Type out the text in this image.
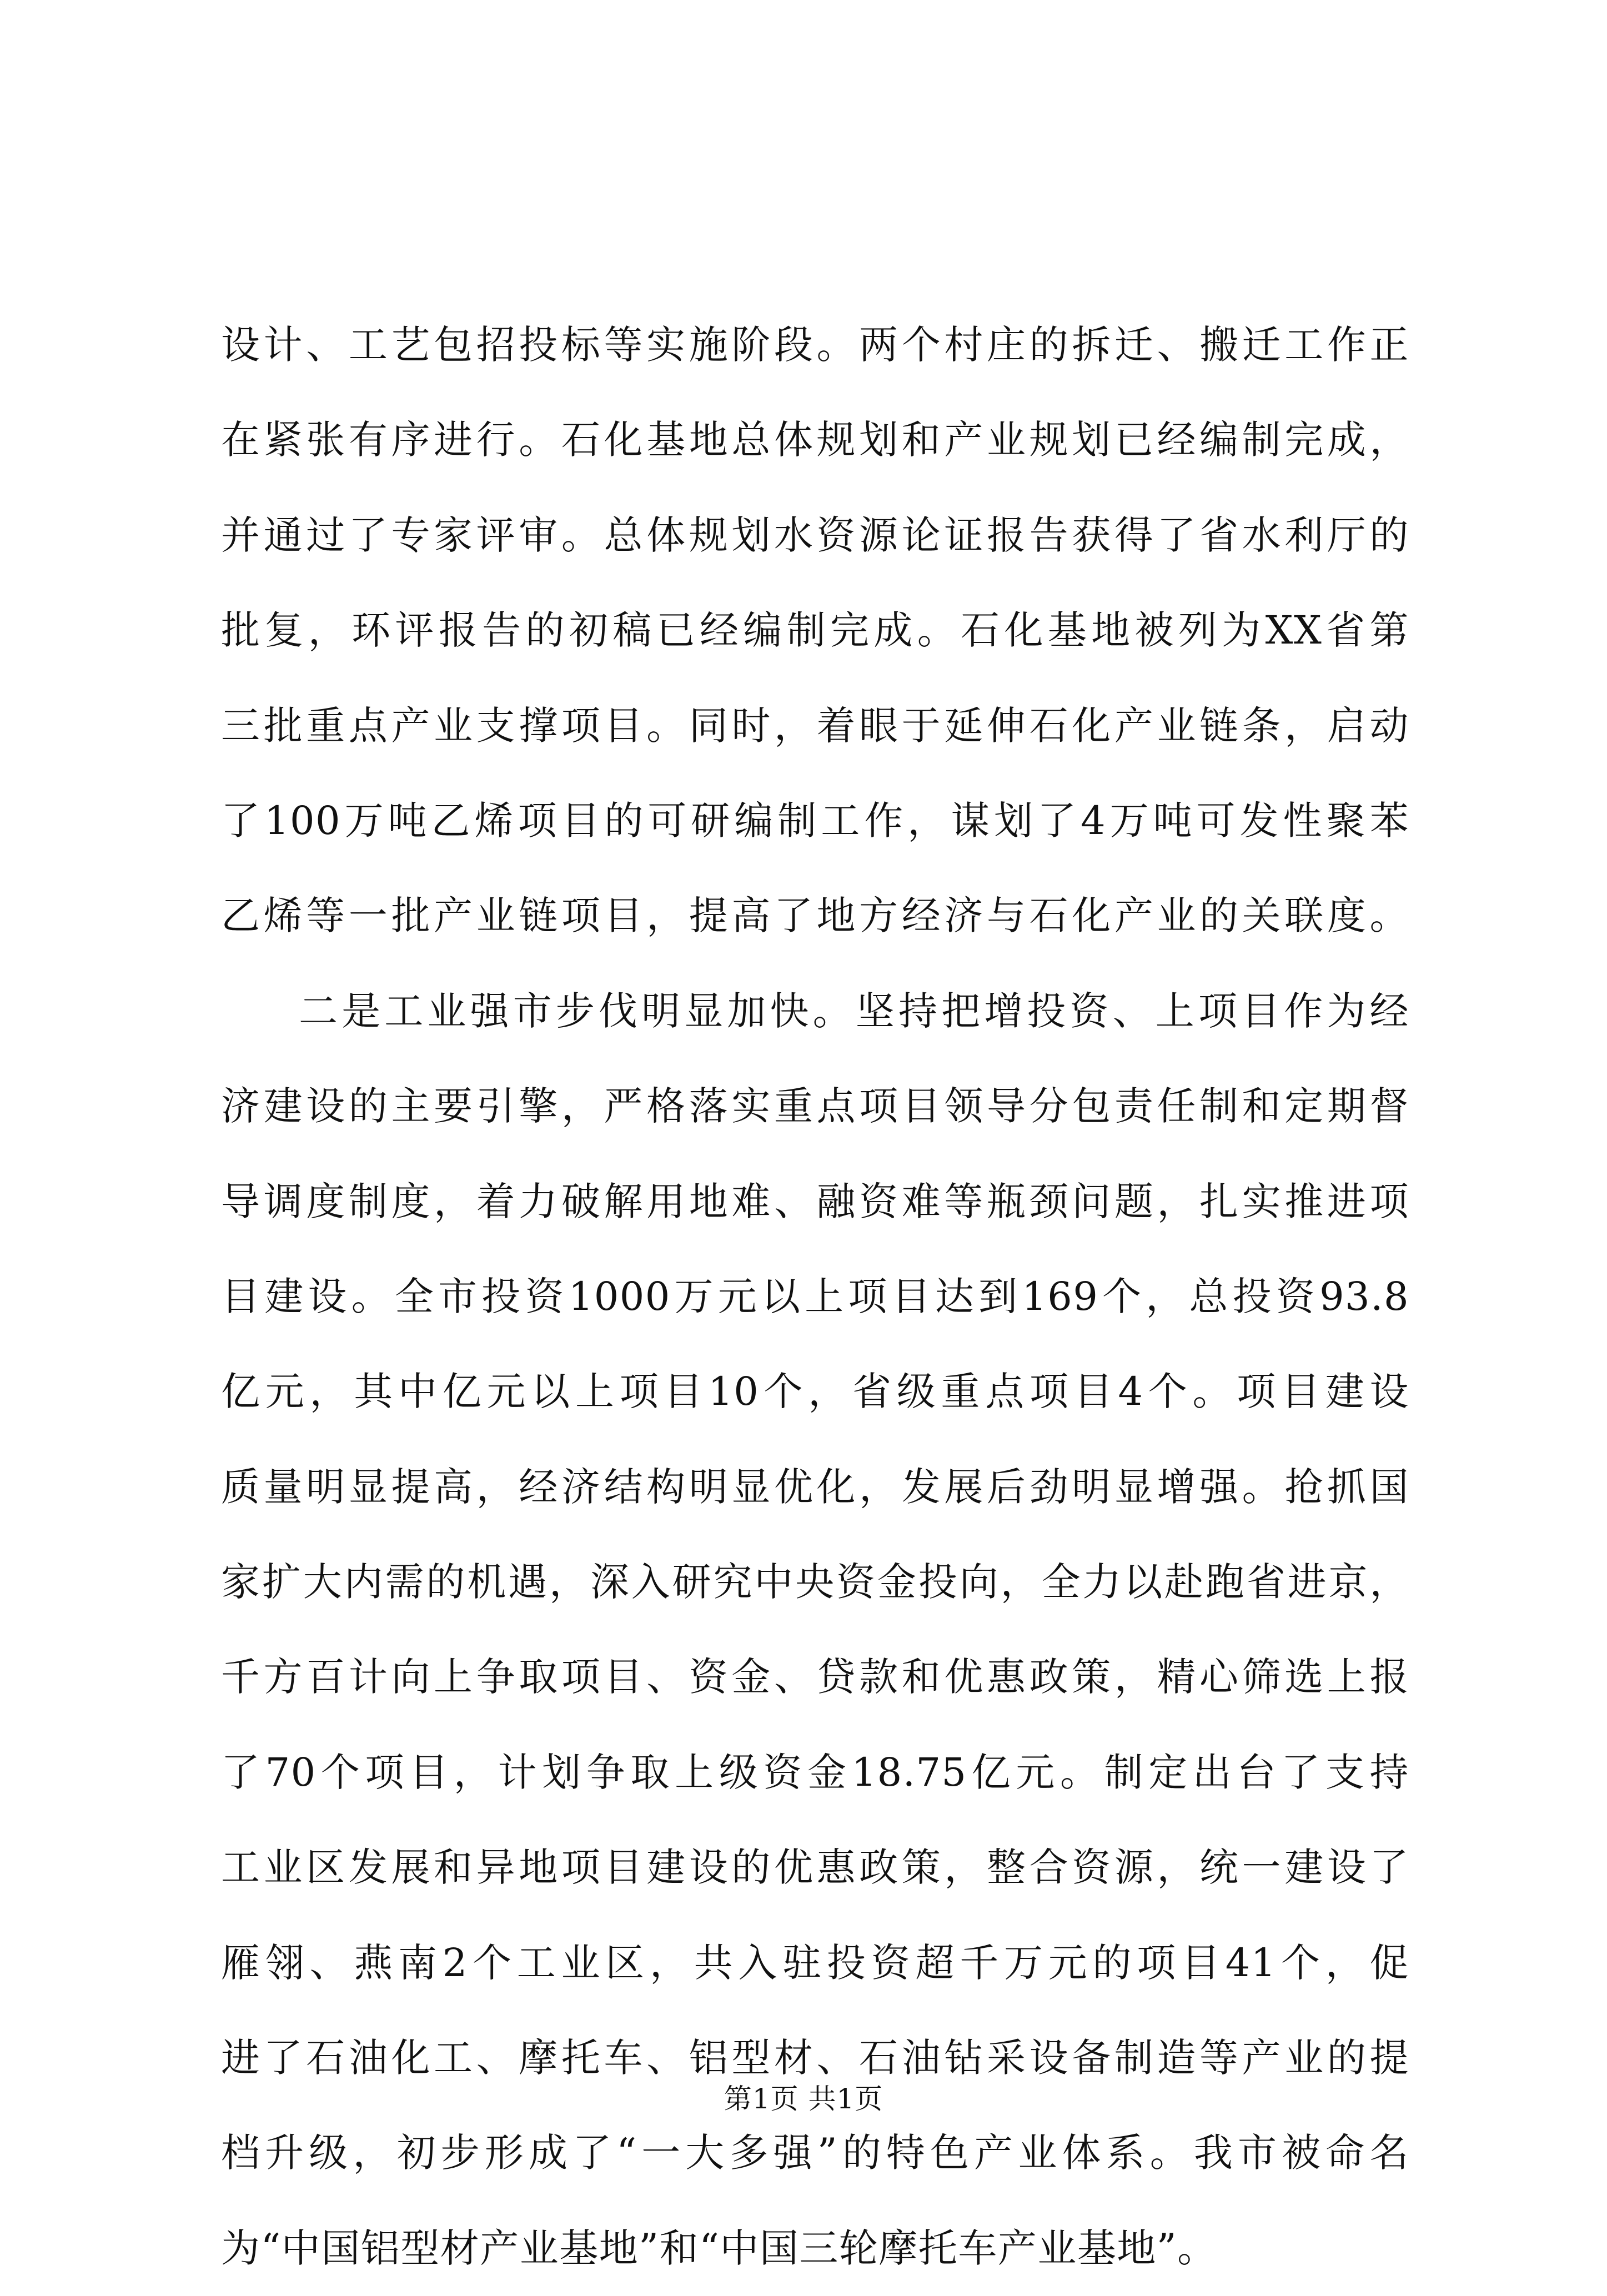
设计、工艺包招投标等实施阶段。两个村庄的拆迁、搬迁工作正
在紧张有序进行。石化基地总体规划和产业规划已经编制完成，
并通过了专家评审。总体规划水资源论证报告获得了省水利厅的
批复，环评报告的初稿已经编制完成。石化基地被列为XX省第
三批重点产业支撑项目。同时，着眼于延伸石化产业链条，启动
了100万吨乙烯项目的可研编制工作，谋划了4万吨可发性聚苯
乙烯等一批产业链项目，提高了地方经济与石化产业的关联度。
二是工业强市步伐明显加快。坚持把增投资、上项目作为经
济建设的主要引擎，严格落实重点项目领导分包责任制和定期督
导调度制度，着力破解用地难、融资难等瓶颈问题，扎实推进项
目建设。全市投资1000万元以上项目达到169个，总投资93.8
亿元，其中亿元以上项目10个，省级重点项目4个。项目建设
质量明显提高，经济结构明显优化，发展后劲明显增强。抢抓国
家扩大内需的机遇，深入研究中央资金投向，全力以赴跑省进京，
千方百计向上争取项目、资金、贷款和优惠政策，精心筛选上报
了70个项目，计划争取上级资金18.75亿元。制定出台了支持
工业区发展和异地项目建设的优惠政策，整合资源，统一建设了
雁翎、燕南2个工业区，共入驻投资超千万元的项目41个，促
进了石油化工、摩托车、铝型材、石油钻采设备制造等产业的提
档升级，初步形成了“一大多强”的特色产业体系。我市被命名
为“中国铝型材产业基地”和“中国三轮摩托车产业基地”。
第1页 共1页
